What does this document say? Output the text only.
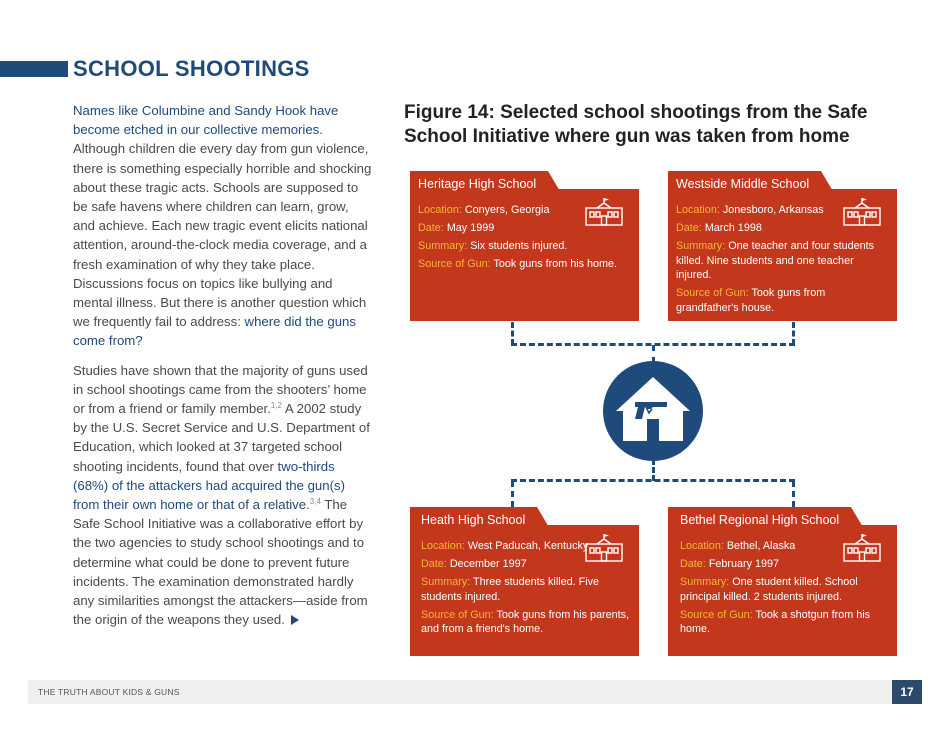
SCHOOL SHOOTINGS

Names like Columbine and Sandy Hook have become etched in our collective memories. Although children die every day from gun violence, there is something especially horrible and shocking about these tragic acts. Schools are supposed to be safe havens where children can learn, grow, and achieve. Each new tragic event elicits national attention, around-the-clock media coverage, and a fresh examination of why they take place. Discussions focus on topics like bullying and mental illness. But there is another question which we frequently fail to address: where did the guns come from?

Studies have shown that the majority of guns used in school shootings came from the shooters’ home or from a friend or family member.$^{1,2}$ A 2002 study by the U.S. Secret Service and U.S. Department of Education, which looked at 37 targeted school shooting incidents, found that over two-thirds (68%) of the attackers had acquired the gun(s) from their own home or that of a relative.$^{3,4}$ The Safe School Initiative was a collaborative effort by the two agencies to study school shootings and to determine what could be done to prevent future incidents. The examination demonstrated hardly any similarities amongst the attackers—aside from the origin of the weapons they used.

Figure 14: Selected school shootings from the Safe School Initiative where gun was taken from home
Location: Conyers, Georgia
Date: May 1999
Summary: Six students injured.
Source of Gun: Took guns from his home.
Heritage High School
Location: Jonesboro, Arkansas
Date: March 1998
Summary: One teacher and four students killed. Nine students and one teacher injured.
Source of Gun: Took guns from grandfather's house.
Westside Middle School
Location: West Paducah, Kentucky
Date: December 1997
Summary: Three students killed. Five students injured.
Source of Gun: Took guns from his parents, and from a friend's home.
Heath High School
Location: Bethel, Alaska
Date: February 1997
Summary: One student killed. School principal killed. 2 students injured.
Source of Gun: Took a shotgun from his home.
Bethel Regional High School
THE TRUTH ABOUT KIDS & GUNS	17
